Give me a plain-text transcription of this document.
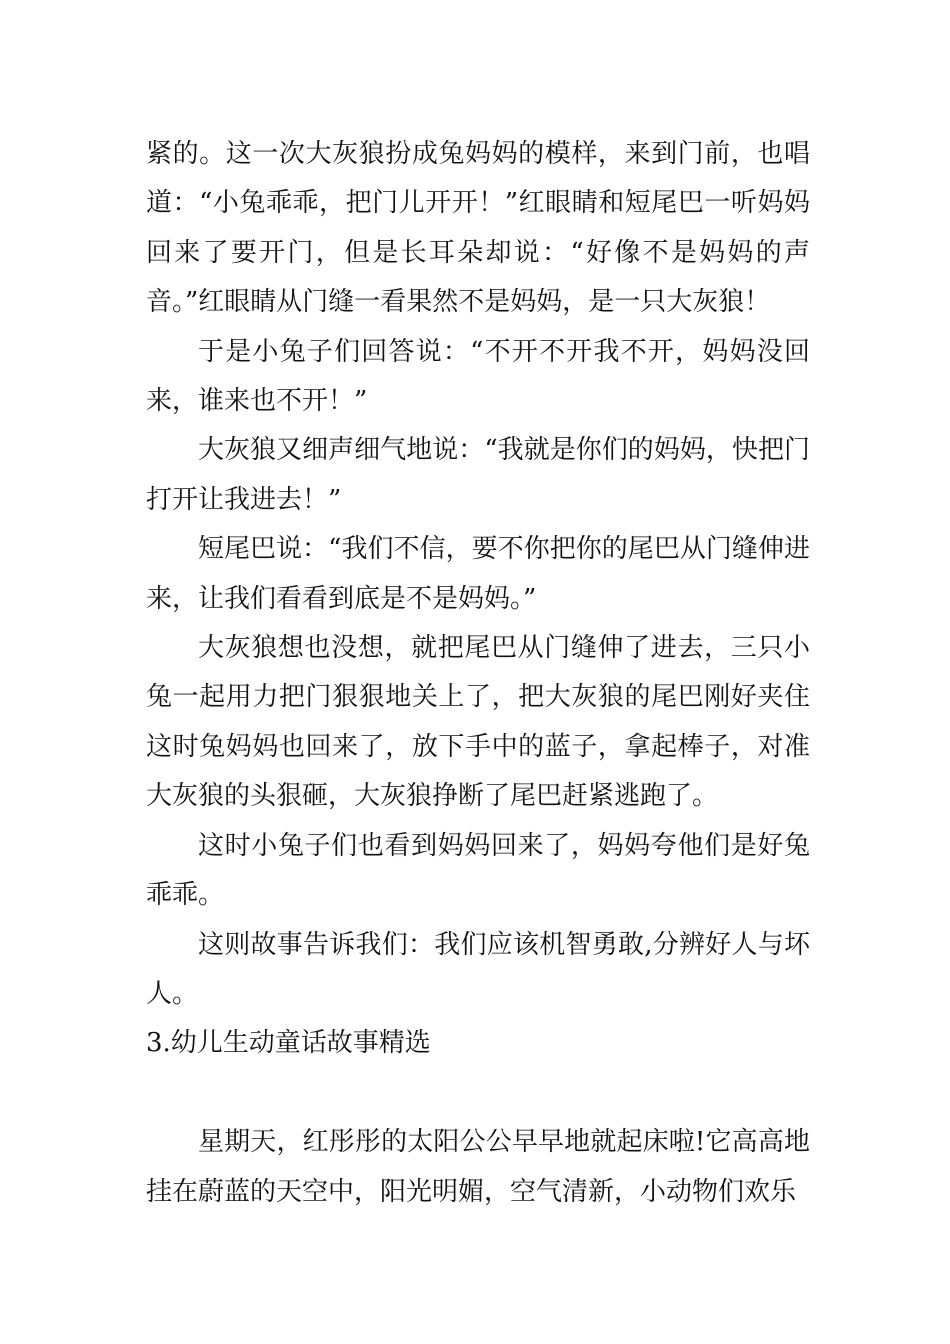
紧的。这一次大灰狼扮成兔妈妈的模样，来到门前，也唱道：“小兔乖乖，把门儿开开！”红眼睛和短尾巴一听妈妈回来了要开门，但是长耳朵却说：“好像不是妈妈的声音。”红眼睛从门缝一看果然不是妈妈，是一只大灰狼！

于是小兔子们回答说：“不开不开我不开，妈妈没回来，谁来也不开！”

大灰狼又细声细气地说：“我就是你们的妈妈，快把门打开让我进去！”

短尾巴说：“我们不信，要不你把你的尾巴从门缝伸进来，让我们看看到底是不是妈妈。”

大灰狼想也没想，就把尾巴从门缝伸了进去，三只小兔一起用力把门狠狠地关上了，把大灰狼的尾巴刚好夹住这时兔妈妈也回来了，放下手中的蓝子，拿起棒子，对准大灰狼的头狠砸，大灰狼挣断了尾巴赶紧逃跑了。

这时小兔子们也看到妈妈回来了，妈妈夸他们是好兔乖乖。

这则故事告诉我们：我们应该机智勇敢,分辨好人与坏人。

3.幼儿生动童话故事精选

星期天，红彤彤的太阳公公早早地就起床啦!它高高地挂在蔚蓝的天空中，阳光明媚，空气清新，小动物们欢乐
